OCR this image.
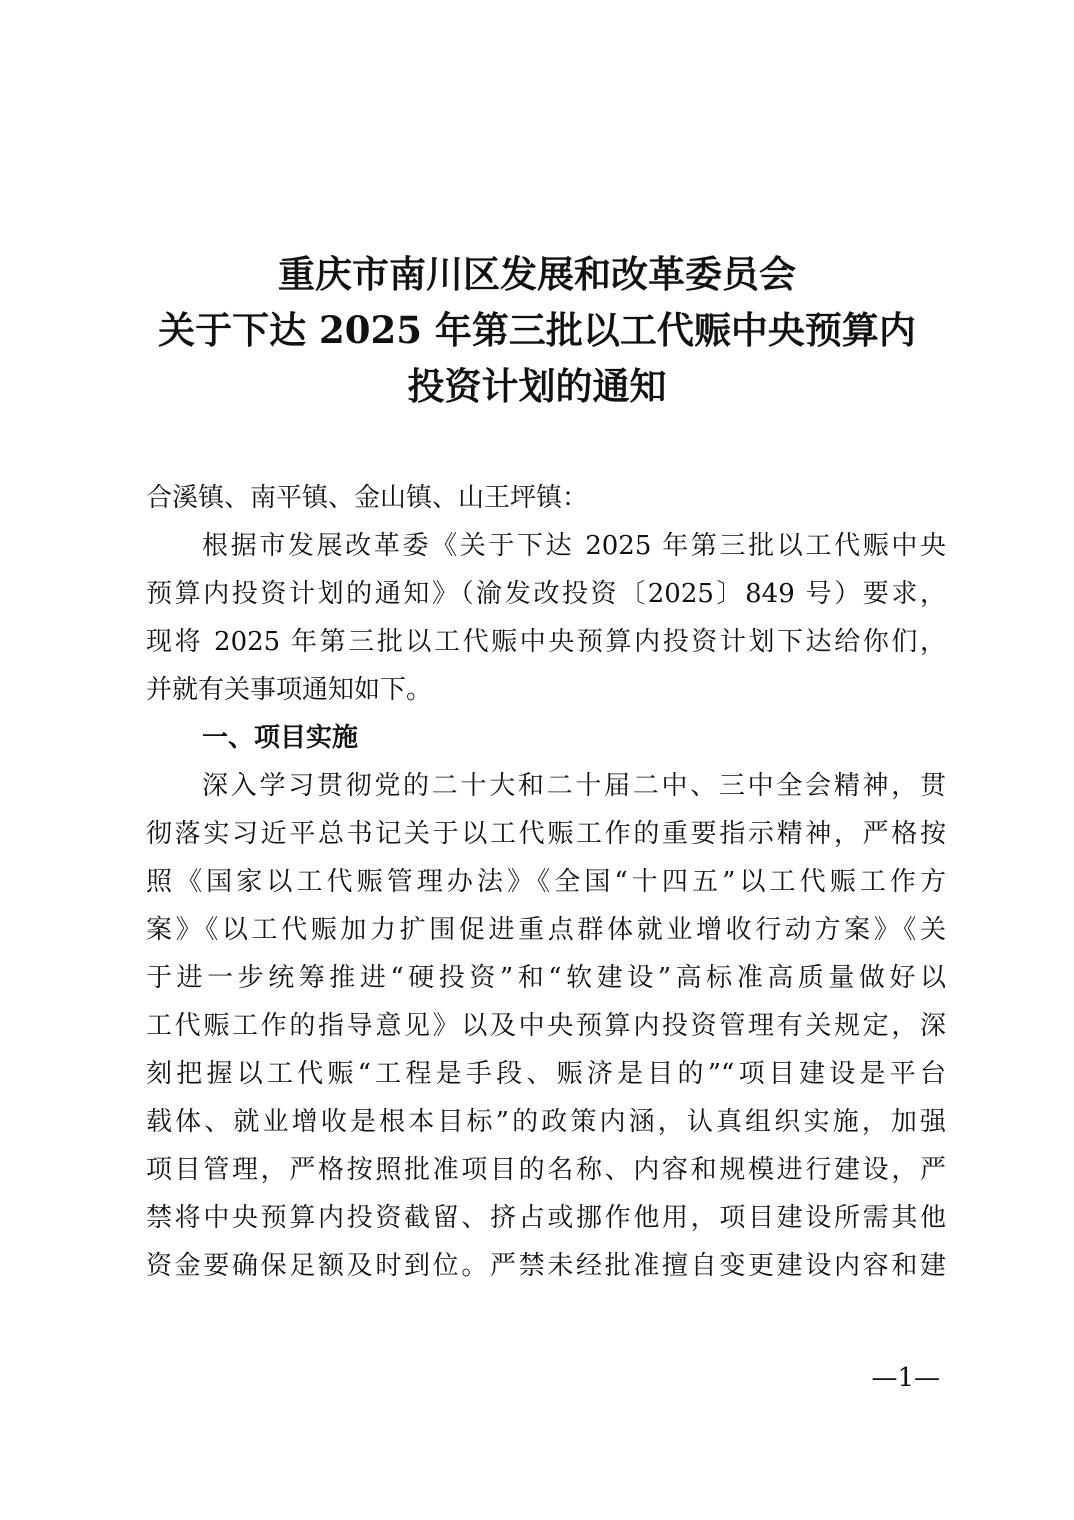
重庆市南川区发展和改革委员会
关于下达 2025 年第三批以工代赈中央预算内
投资计划的通知
合溪镇、南平镇、金山镇、山王坪镇：
根据市发展改革委《关于下达 2025 年第三批以工代赈中央
预算内投资计划的通知》（渝发改投资〔2025〕849 号）要求，
现将 2025 年第三批以工代赈中央预算内投资计划下达给你们，
并就有关事项通知如下。
一、项目实施
深入学习贯彻党的二十大和二十届二中、三中全会精神，贯
彻落实习近平总书记关于以工代赈工作的重要指示精神，严格按
照《国家以工代赈管理办法》《全国“十四五”以工代赈工作方
案》《以工代赈加力扩围促进重点群体就业增收行动方案》《关
于进一步统筹推进“硬投资”和“软建设”高标准高质量做好以
工代赈工作的指导意见》以及中央预算内投资管理有关规定，深
刻把握以工代赈“工程是手段、赈济是目的”“项目建设是平台
载体、就业增收是根本目标”的政策内涵，认真组织实施，加强
项目管理，严格按照批准项目的名称、内容和规模进行建设，严
禁将中央预算内投资截留、挤占或挪作他用，项目建设所需其他
资金要确保足额及时到位。严禁未经批准擅自变更建设内容和建
—1—
